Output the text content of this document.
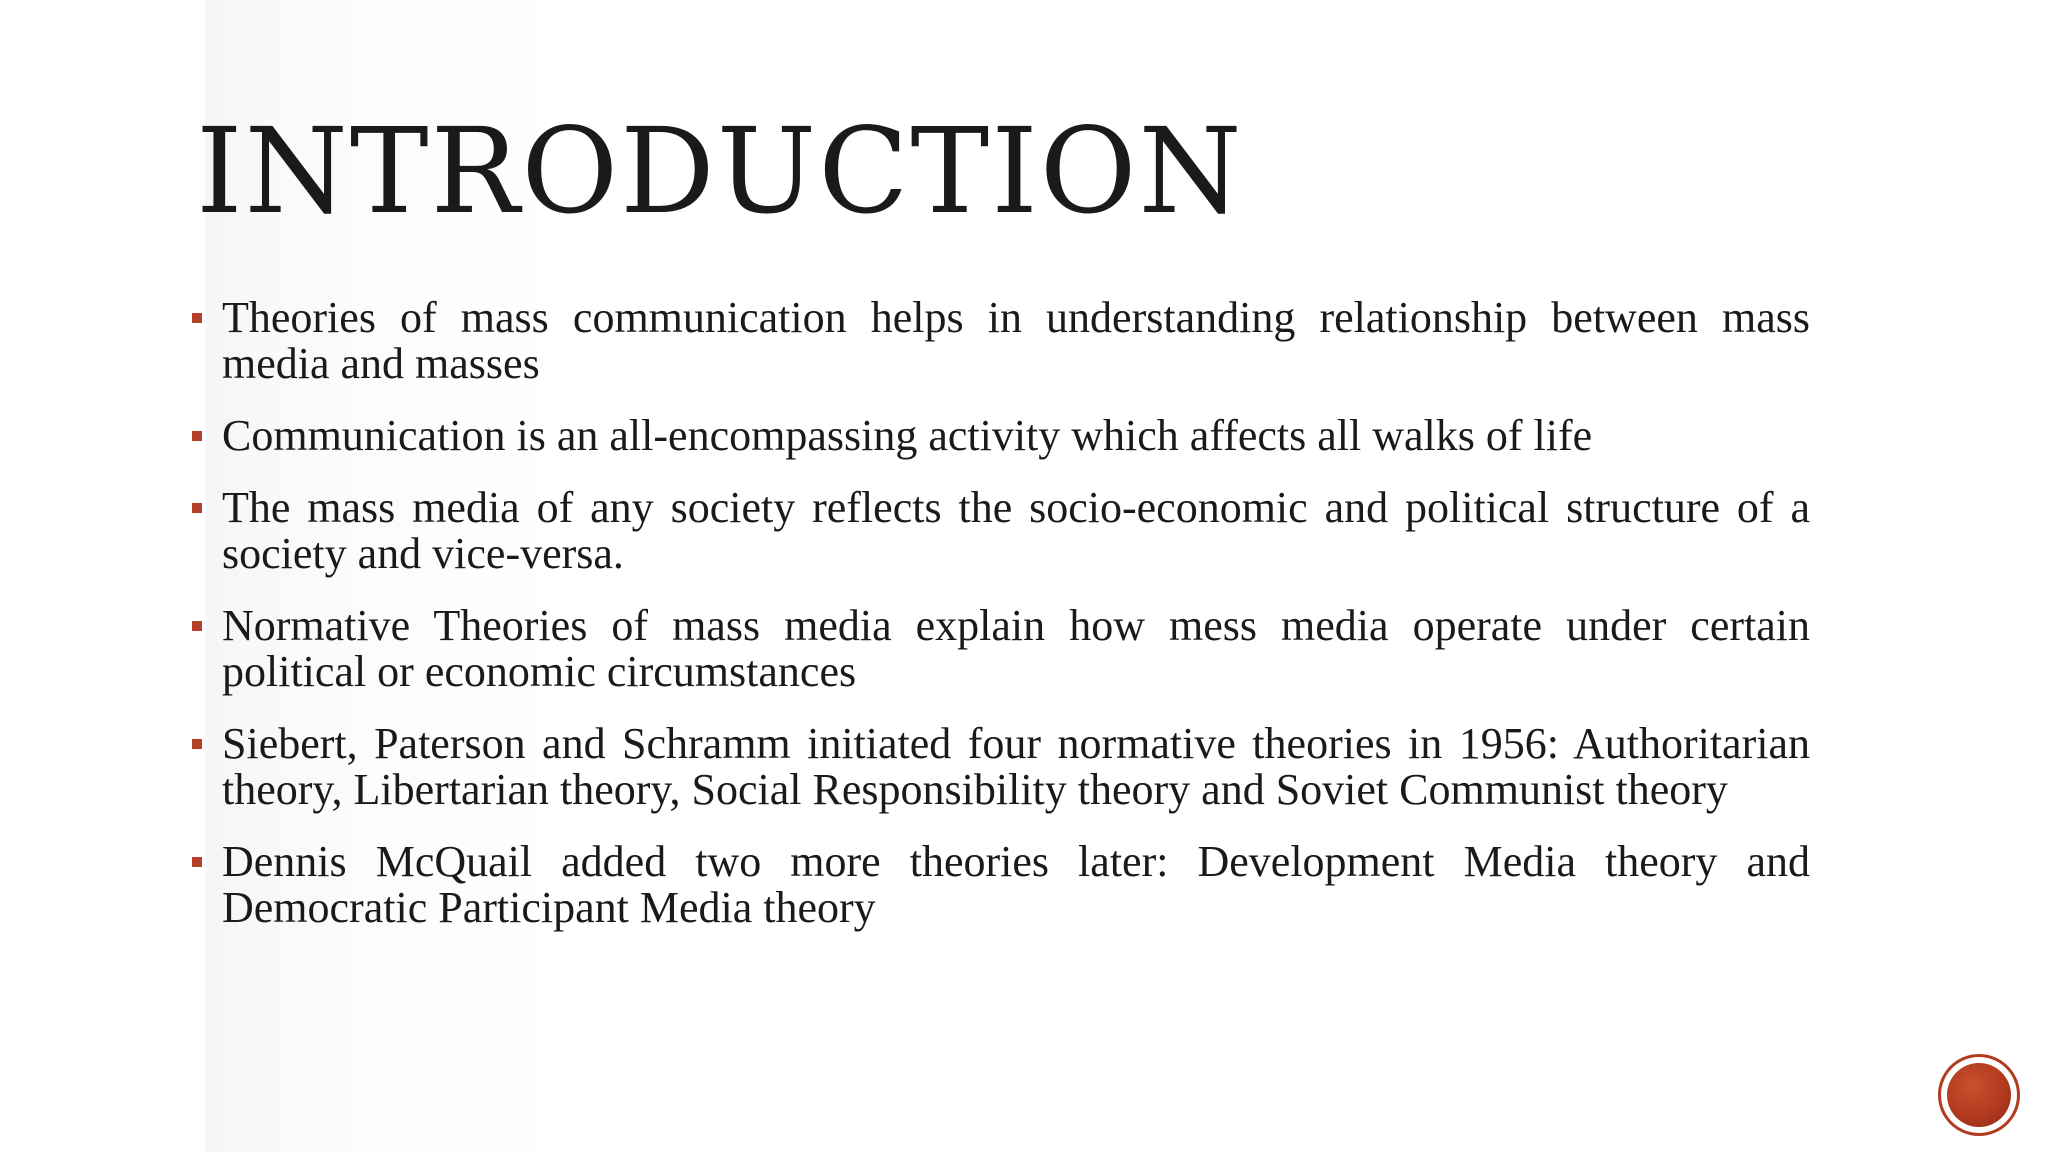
INTRODUCTION
Theories of mass communication helps in understanding relationship between mass media and masses
Communication is an all-encompassing activity which affects all walks of life
The mass media of any society reflects the socio-economic and political structure of a society and vice-versa.
Normative Theories of mass media explain how mess media operate under certain political or economic circumstances
Siebert, Paterson and Schramm initiated four normative theories in 1956: Authoritarian theory, Libertarian theory, Social Responsibility theory and Soviet Communist theory
Dennis McQuail added two more theories later: Development Media theory and Democratic Participant Media theory
